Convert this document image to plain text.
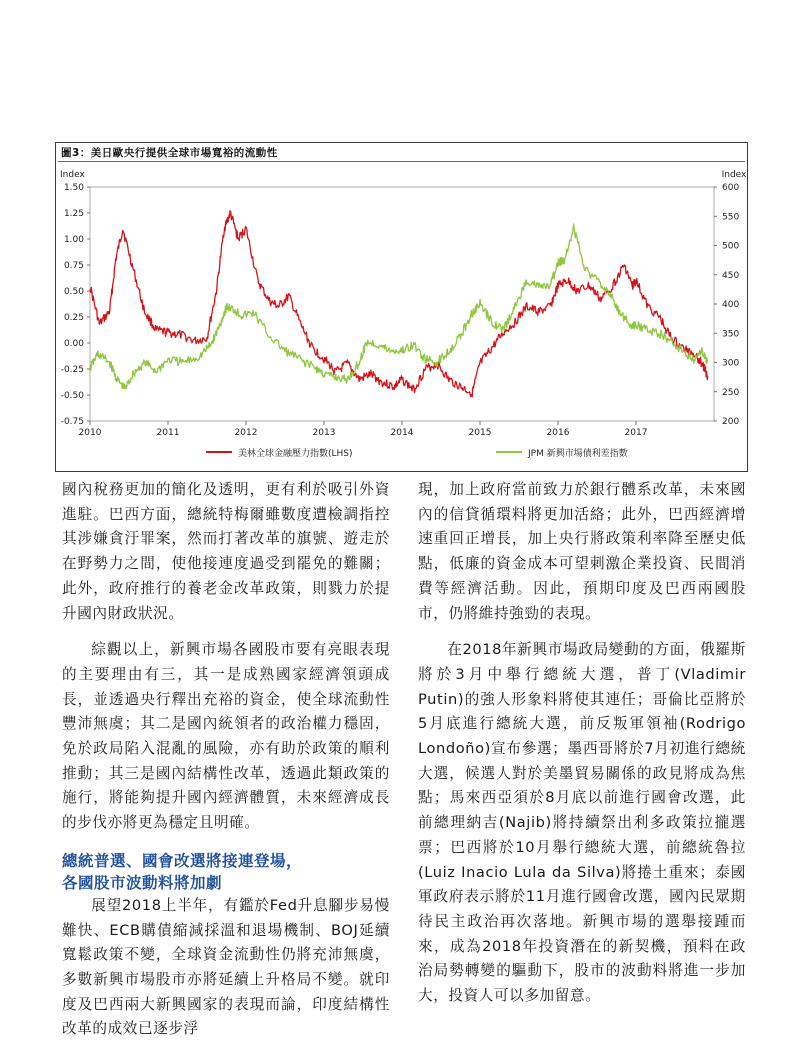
圖3：美日歐央行提供全球市場寬裕的流動性
Index
1.50
1.25
1.00
0.75
0.50
0.25
0.00
-0.25
-0.50
-0.75
Index
600
550
500
450
400
350
300
250
200
2010	2011	2012	2013	2014	2015	2016	2017
美林全球金融壓力指數(LHS)	JPM 新興市場債利差指數

國內稅務更加的簡化及透明，更有利於吸引外資進駐。巴西方面，總統特梅爾雖數度遭檢調指控其涉嫌貪汙罪案，然而打著改革的旗號、遊走於在野勢力之間，使他接連度過受到罷免的難關；此外，政府推行的養老金改革政策，則戮力於提升國內財政狀況。

綜觀以上，新興市場各國股市要有亮眼表現的主要理由有三，其一是成熟國家經濟領頭成長，並透過央行釋出充裕的資金，使全球流動性豐沛無虞；其二是國內統領者的政治權力穩固，免於政局陷入混亂的風險，亦有助於政策的順利推動；其三是國內結構性改革，透過此類政策的施行，將能夠提升國內經濟體質，未來經濟成長的步伐亦將更為穩定且明確。

總統普選、國會改選將接連登場，
各國股市波動料將加劇

展望2018上半年，有鑑於Fed升息腳步易慢難快、ECB購債縮減採溫和退場機制、BOJ延續寬鬆政策不變，全球資金流動性仍將充沛無虞，多數新興市場股市亦將延續上升格局不變。就印度及巴西兩大新興國家的表現而論，印度結構性改革的成效已逐步浮

現，加上政府當前致力於銀行體系改革，未來國內的信貸循環料將更加活絡；此外，巴西經濟增速重回正增長，加上央行將政策利率降至歷史低點，低廉的資金成本可望刺激企業投資、民間消費等經濟活動。因此，預期印度及巴西兩國股市，仍將維持強勁的表現。

在2018年新興市場政局變動的方面，俄羅斯將於3月中舉行總統大選，普丁(Vladimir Putin)的強人形象料將使其連任；哥倫比亞將於5月底進行總統大選，前反叛軍領袖(Rodrigo Londoño)宣布參選；墨西哥將於7月初進行總統大選，候選人對於美墨貿易關係的政見將成為焦點；馬來西亞須於8月底以前進行國會改選，此前總理納吉(Najib)將持續祭出利多政策拉攏選票；巴西將於10月舉行總統大選，前總統魯拉(Luiz Inacio Lula da Silva)將捲土重來；泰國軍政府表示將於11月進行國會改選，國內民眾期待民主政治再次落地。新興市場的選舉接踵而來，成為2018年投資潛在的新契機，預料在政治局勢轉變的驅動下，股市的波動料將進一步加大，投資人可以多加留意。
